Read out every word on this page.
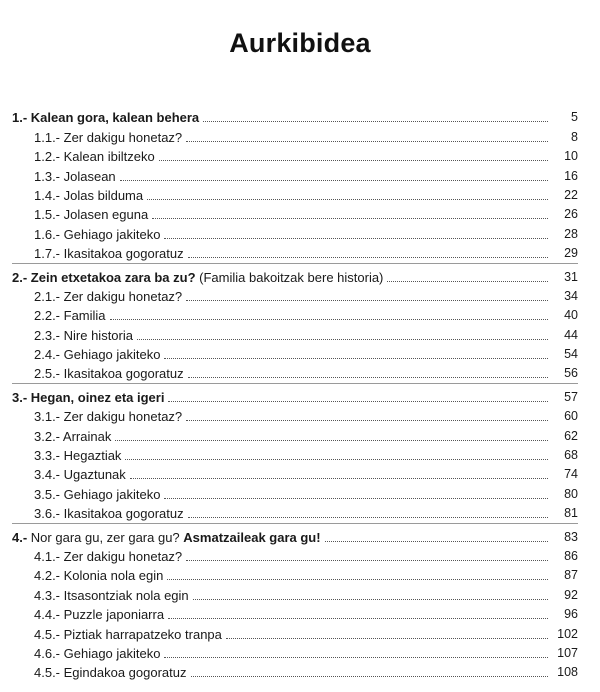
Aurkibidea
1.- Kalean gora, kalean behera	5
1.1.- Zer dakigu honetaz?	8
1.2.- Kalean ibiltzeko	10
1.3.- Jolasean	16
1.4.- Jolas bilduma	22
1.5.- Jolasen eguna	26
1.6.- Gehiago jakiteko	28
1.7.- Ikasitakoa gogoratuz	29
2.- Zein etxetakoa zara ba zu? (Familia bakoitzak bere historia)	31
2.1.- Zer dakigu honetaz?	34
2.2.- Familia	40
2.3.- Nire historia	44
2.4.- Gehiago jakiteko	54
2.5.- Ikasitakoa gogoratuz	56
3.- Hegan, oinez eta igeri	57
3.1.- Zer dakigu honetaz?	60
3.2.- Arrainak	62
3.3.- Hegaztiak	68
3.4.- Ugaztunak	74
3.5.- Gehiago jakiteko	80
3.6.- Ikasitakoa gogoratuz	81
4.- Nor gara gu, zer gara gu? Asmatzaileak gara gu!	83
4.1.- Zer dakigu honetaz?	86
4.2.- Kolonia nola egin	87
4.3.- Itsasontziak nola egin	92
4.4.- Puzzle japoniarra	96
4.5.- Piztiak harrapatzeko tranpa	102
4.6.- Gehiago jakiteko	107
4.5.- Egindakoa gogoratuz	108
